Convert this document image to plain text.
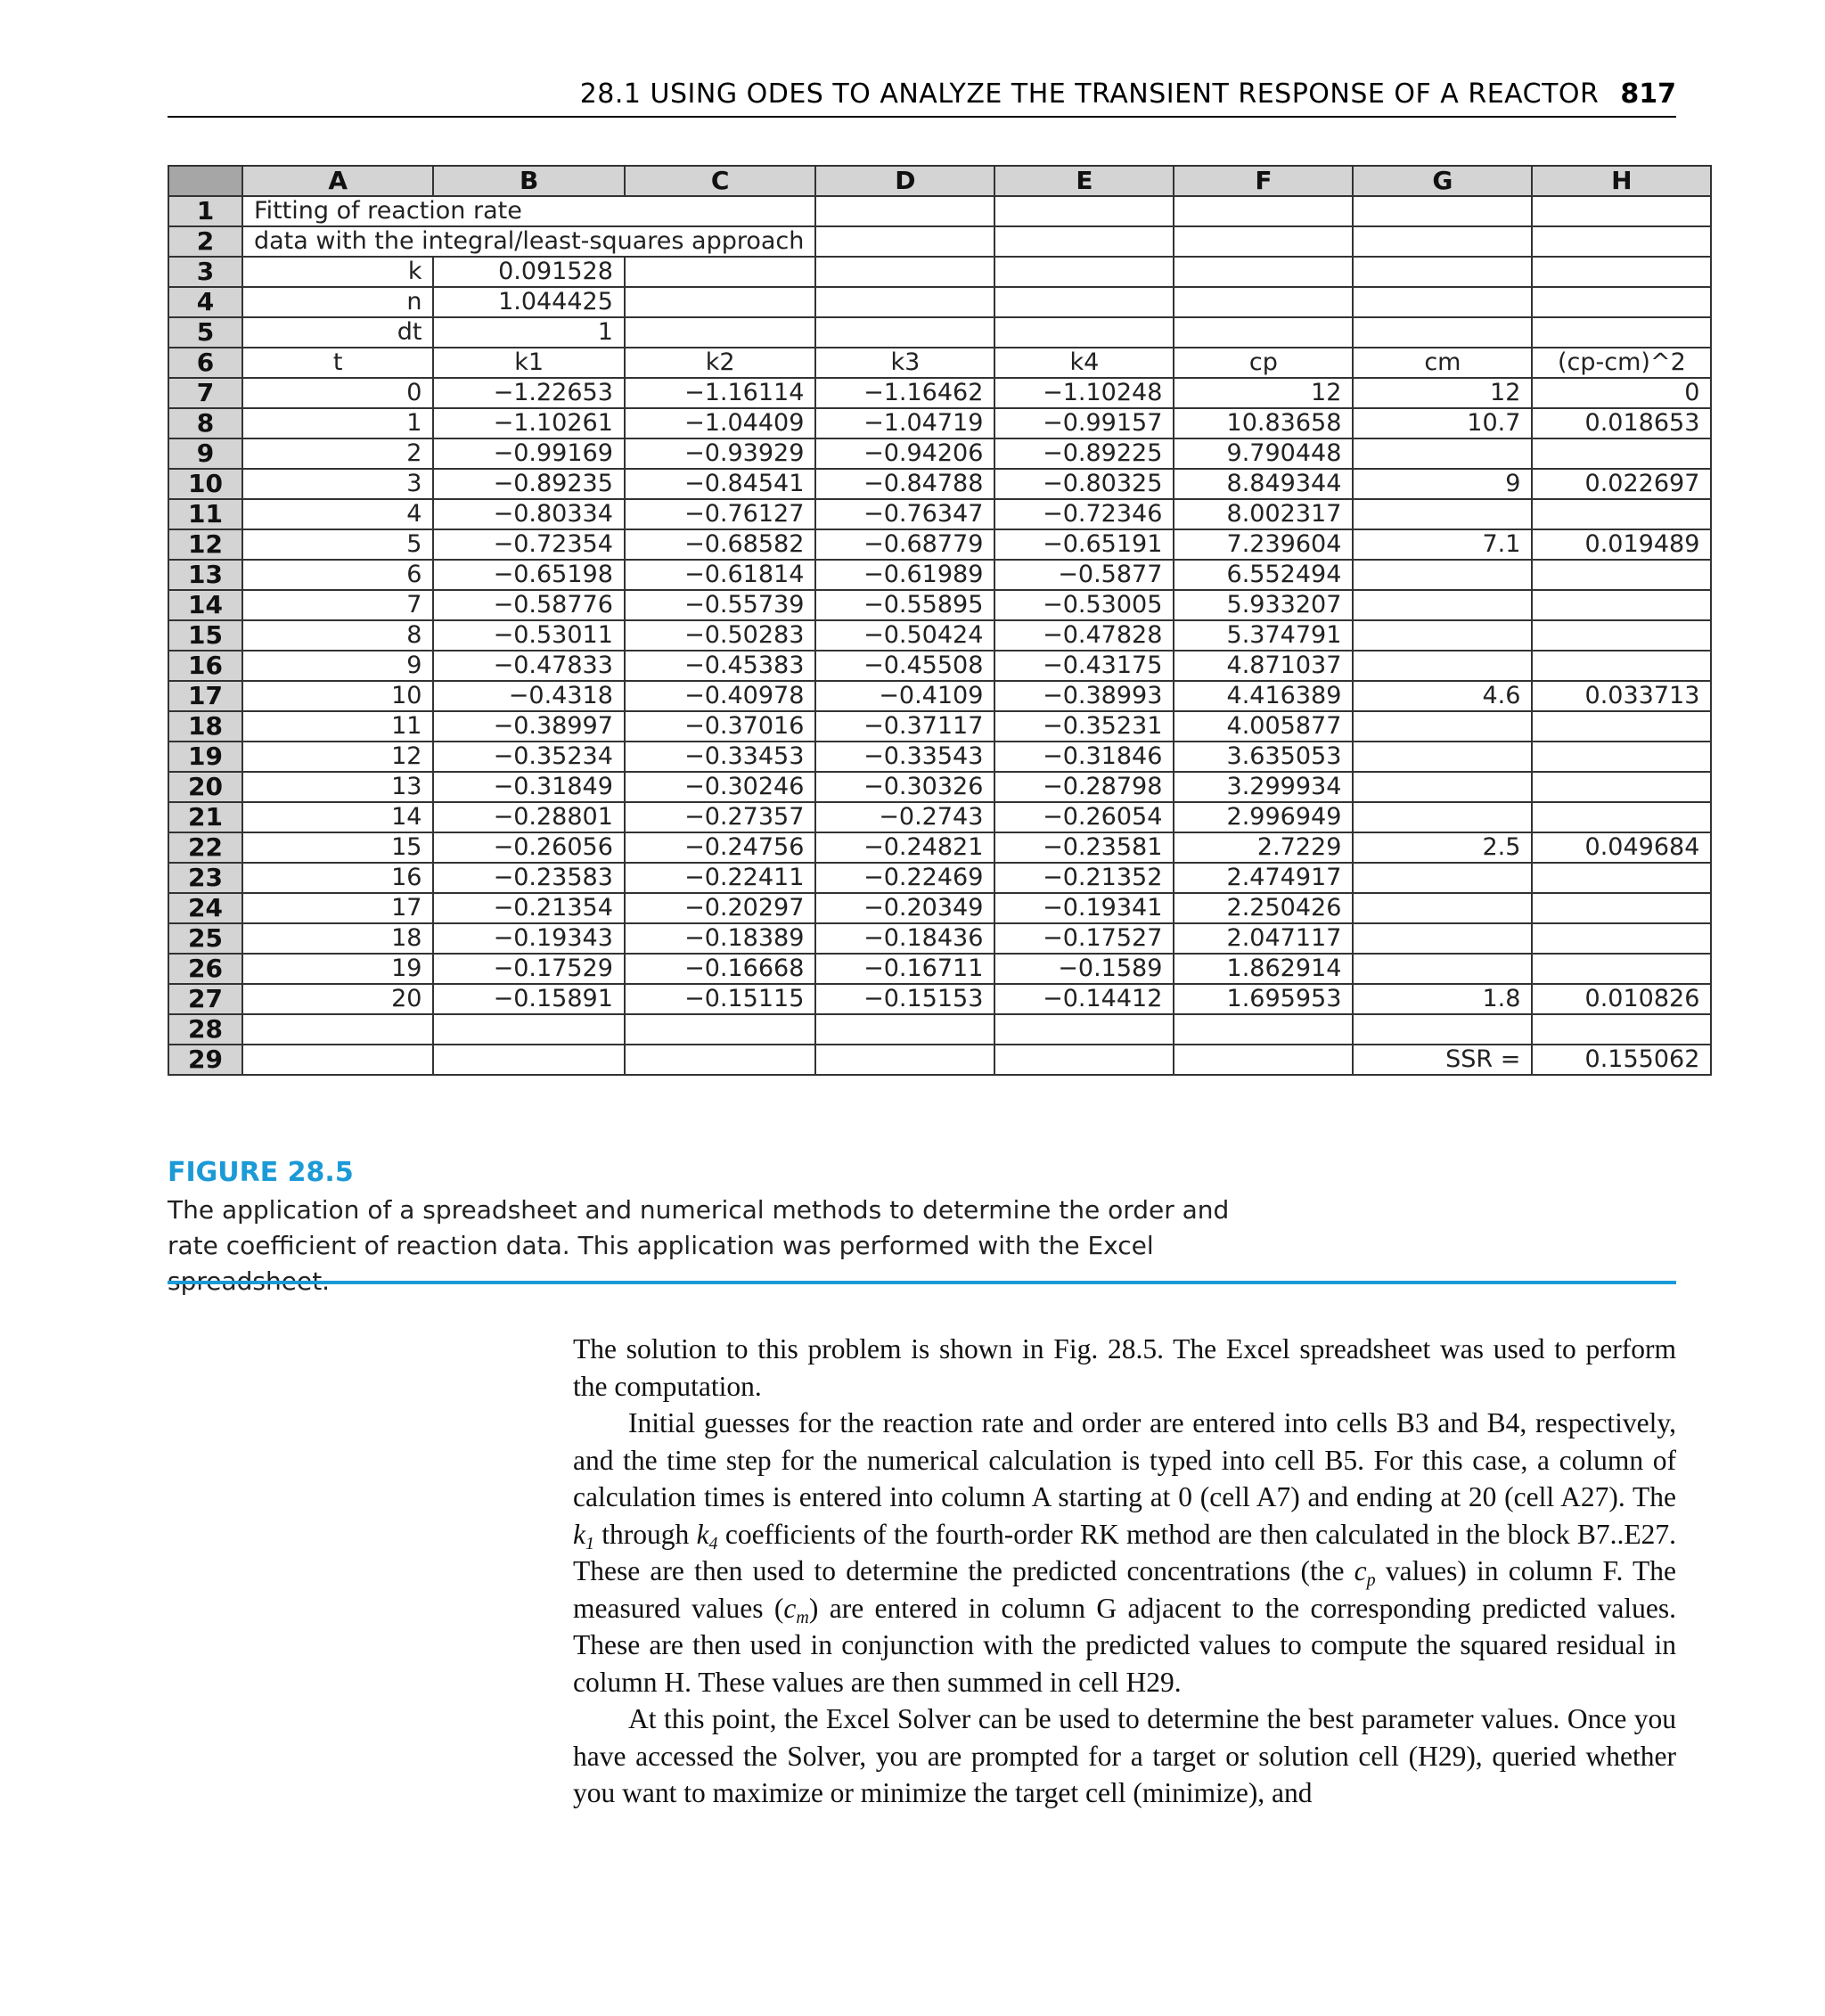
28.1 USING ODES TO ANALYZE THE TRANSIENT RESPONSE OF A REACTOR 817
	A	B	C	D	E	F	G	H
1	Fitting of reaction rate							
2	data with the integral/least-squares approach							
3	k	0.091528						
4	n	1.044425						
5	dt	1						
6	t	k1	k2	k3	k4	cp	cm	(cp-cm)^2
7	0	−1.22653	−1.16114	−1.16462	−1.10248	12	12	0
8	1	−1.10261	−1.04409	−1.04719	−0.99157	10.83658	10.7	0.018653
9	2	−0.99169	−0.93929	−0.94206	−0.89225	9.790448		
10	3	−0.89235	−0.84541	−0.84788	−0.80325	8.849344	9	0.022697
11	4	−0.80334	−0.76127	−0.76347	−0.72346	8.002317		
12	5	−0.72354	−0.68582	−0.68779	−0.65191	7.239604	7.1	0.019489
13	6	−0.65198	−0.61814	−0.61989	−0.5877	6.552494		
14	7	−0.58776	−0.55739	−0.55895	−0.53005	5.933207		
15	8	−0.53011	−0.50283	−0.50424	−0.47828	5.374791		
16	9	−0.47833	−0.45383	−0.45508	−0.43175	4.871037		
17	10	−0.4318	−0.40978	−0.4109	−0.38993	4.416389	4.6	0.033713
18	11	−0.38997	−0.37016	−0.37117	−0.35231	4.005877		
19	12	−0.35234	−0.33453	−0.33543	−0.31846	3.635053		
20	13	−0.31849	−0.30246	−0.30326	−0.28798	3.299934		
21	14	−0.28801	−0.27357	−0.2743	−0.26054	2.996949		
22	15	−0.26056	−0.24756	−0.24821	−0.23581	2.7229	2.5	0.049684
23	16	−0.23583	−0.22411	−0.22469	−0.21352	2.474917		
24	17	−0.21354	−0.20297	−0.20349	−0.19341	2.250426		
25	18	−0.19343	−0.18389	−0.18436	−0.17527	2.047117		
26	19	−0.17529	−0.16668	−0.16711	−0.1589	1.862914		
27	20	−0.15891	−0.15115	−0.15153	−0.14412	1.695953	1.8	0.010826
28								
29							SSR =	0.155062
FIGURE 28.5
The application of a spreadsheet and numerical methods to determine the order and rate coefficient of reaction data. This application was performed with the Excel spreadsheet.

The solution to this problem is shown in Fig. 28.5. The Excel spreadsheet was used to perform the computation.

Initial guesses for the reaction rate and order are entered into cells B3 and B4, respectively, and the time step for the numerical calculation is typed into cell B5. For this case, a column of calculation times is entered into column A starting at 0 (cell A7) and ending at 20 (cell A27). The $k_1$ through $k_4$ coefficients of the fourth-order RK method are then calculated in the block B7..E27. These are then used to determine the predicted concentrations (the $c_p$ values) in column F. The measured values $(c_m)$ are entered in column G adjacent to the corresponding predicted values. These are then used in conjunction with the predicted values to compute the squared residual in column H. These values are then summed in cell H29.

At this point, the Excel Solver can be used to determine the best parameter values. Once you have accessed the Solver, you are prompted for a target or solution cell (H29), queried whether you want to maximize or minimize the target cell (minimize), and
